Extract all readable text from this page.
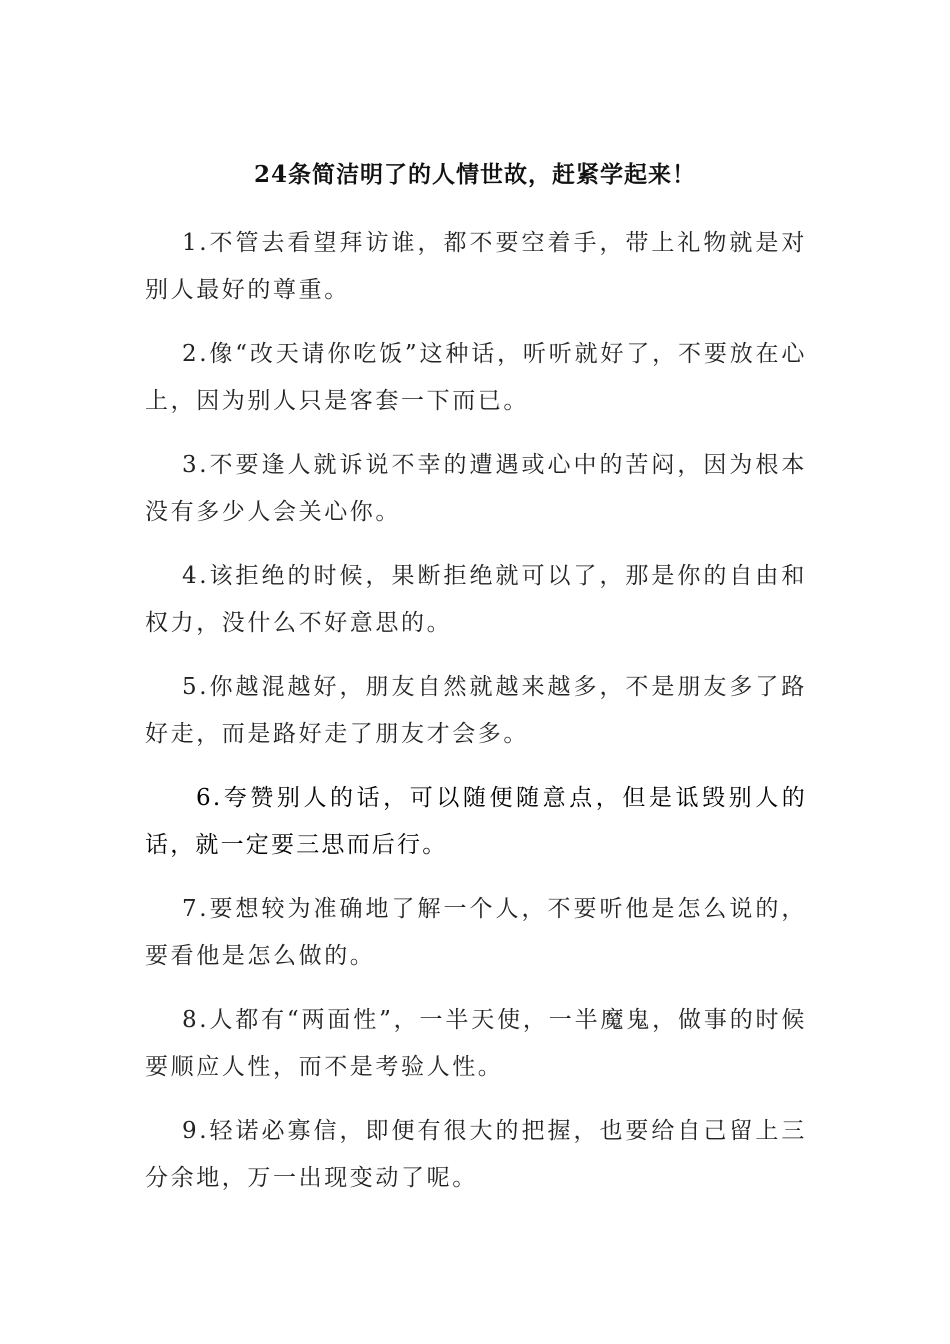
24条简洁明了的人情世故，赶紧学起来！

1.不管去看望拜访谁，都不要空着手，带上礼物就是对别人最好的尊重。

2.像“改天请你吃饭”这种话，听听就好了，不要放在心上，因为别人只是客套一下而已。

3.不要逢人就诉说不幸的遭遇或心中的苦闷，因为根本没有多少人会关心你。

4.该拒绝的时候，果断拒绝就可以了，那是你的自由和权力，没什么不好意思的。

5.你越混越好，朋友自然就越来越多，不是朋友多了路好走，而是路好走了朋友才会多。

6.夸赞别人的话，可以随便随意点，但是诋毁别人的话，就一定要三思而后行。

7.要想较为准确地了解一个人，不要听他是怎么说的，要看他是怎么做的。

8.人都有“两面性”，一半天使，一半魔鬼，做事的时候要顺应人性，而不是考验人性。

9.轻诺必寡信，即便有很大的把握，也要给自己留上三分余地，万一出现变动了呢。
